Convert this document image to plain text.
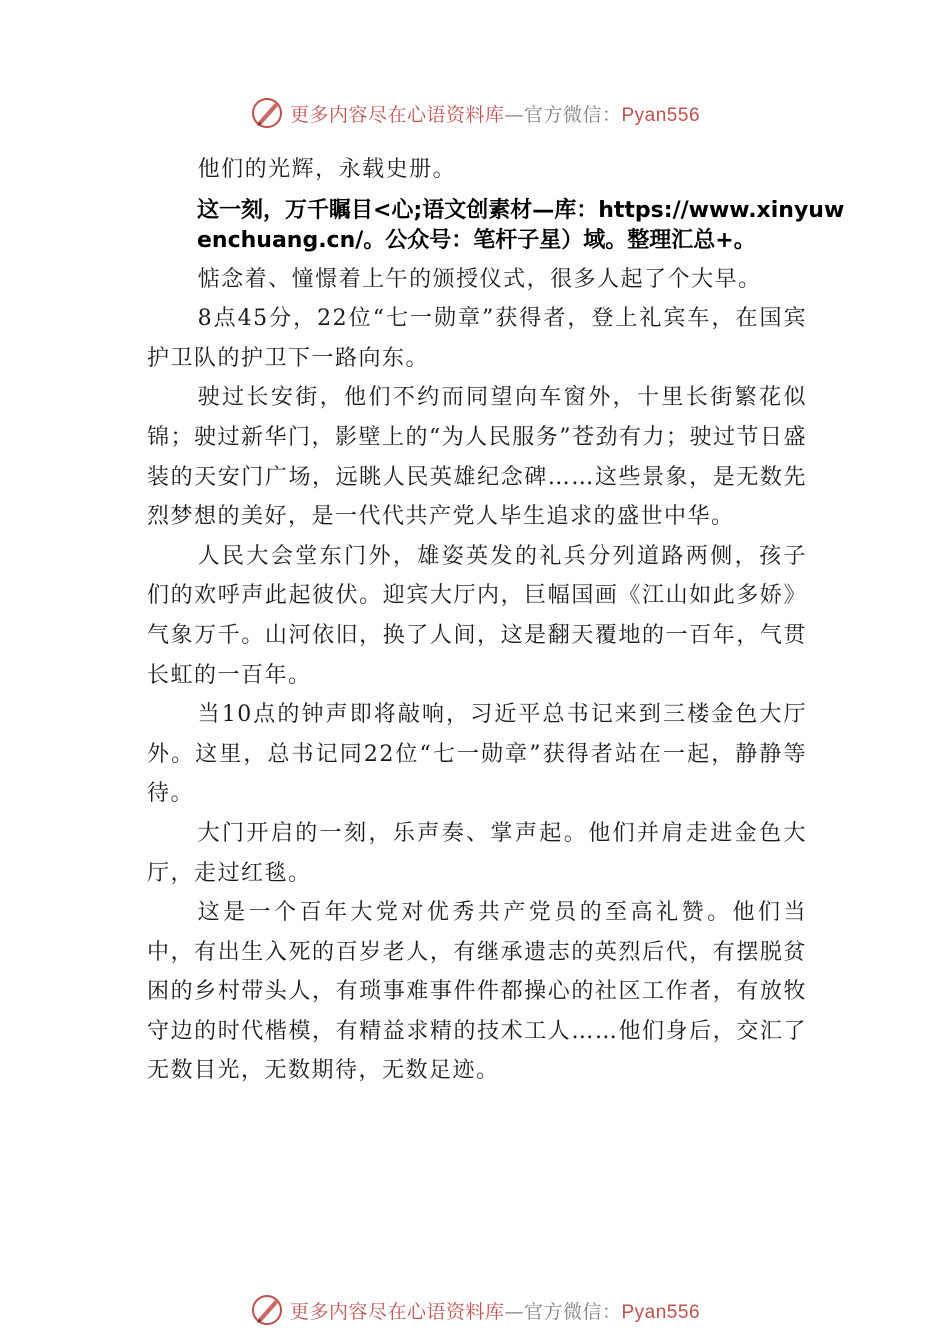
更多内容尽在心语资料库—官方微信：Pyan556

他们的光辉，永载史册。

这一刻，万千瞩目<心;语文创素材—库：https://www.xinyuwenchuang.cn/。公众号：笔杆子星）域。整理汇总+。

惦念着、憧憬着上午的颁授仪式，很多人起了个大早。

8点45分，22位“七一勋章”获得者，登上礼宾车，在国宾护卫队的护卫下一路向东。

驶过长安街，他们不约而同望向车窗外，十里长街繁花似锦；驶过新华门，影壁上的“为人民服务”苍劲有力；驶过节日盛装的天安门广场，远眺人民英雄纪念碑……这些景象，是无数先烈梦想的美好，是一代代共产党人毕生追求的盛世中华。

人民大会堂东门外，雄姿英发的礼兵分列道路两侧，孩子们的欢呼声此起彼伏。迎宾大厅内，巨幅国画《江山如此多娇》气象万千。山河依旧，换了人间，这是翻天覆地的一百年，气贯长虹的一百年。

当10点的钟声即将敲响，习近平总书记来到三楼金色大厅外。这里，总书记同22位“七一勋章”获得者站在一起，静静等待。

大门开启的一刻，乐声奏、掌声起。他们并肩走进金色大厅，走过红毯。

这是一个百年大党对优秀共产党员的至高礼赞。他们当中，有出生入死的百岁老人，有继承遗志的英烈后代，有摆脱贫困的乡村带头人，有琐事难事件件都操心的社区工作者，有放牧守边的时代楷模，有精益求精的技术工人……他们身后，交汇了无数目光，无数期待，无数足迹。

更多内容尽在心语资料库—官方微信：Pyan556
